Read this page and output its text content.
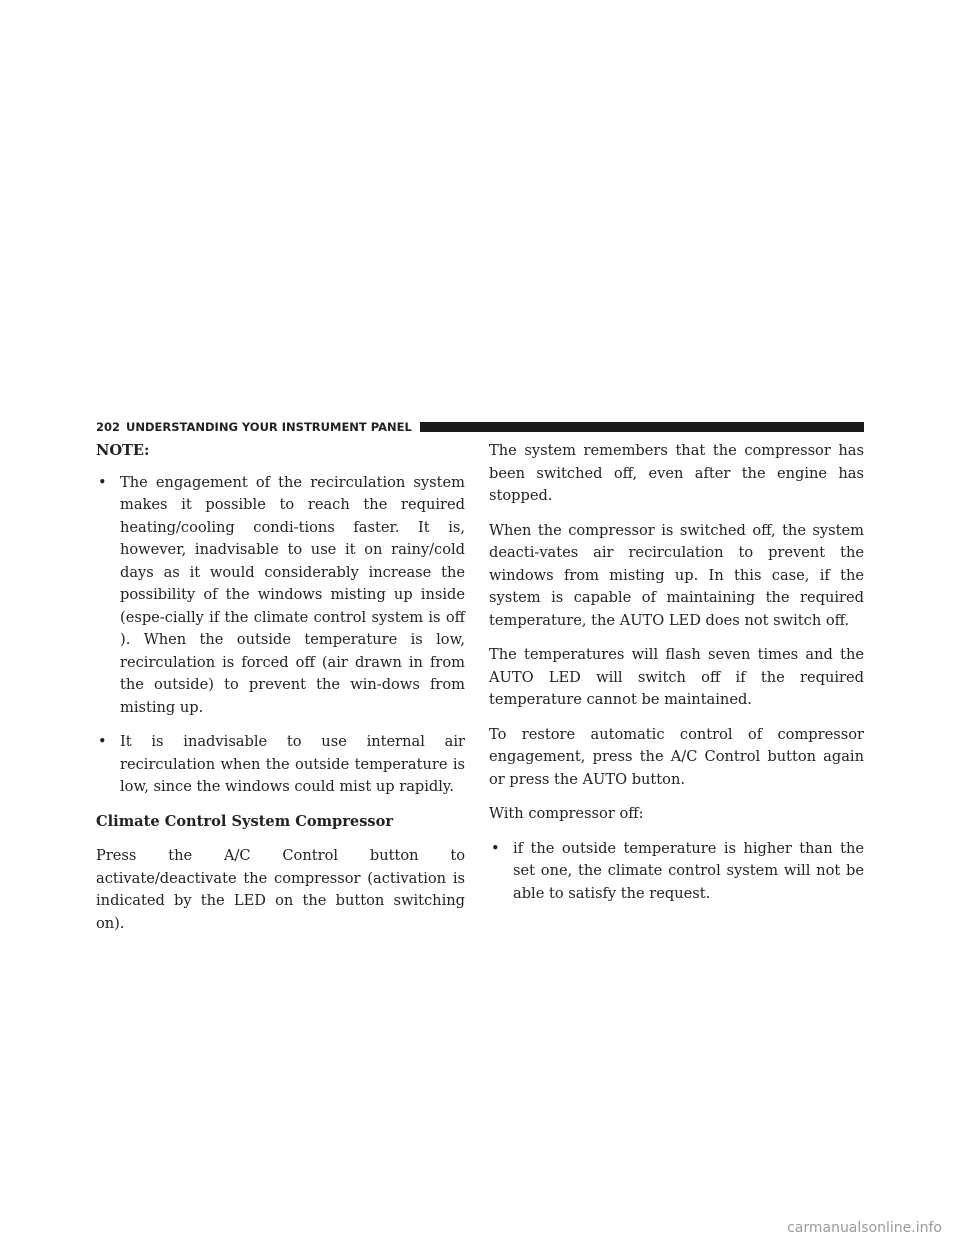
202 UNDERSTANDING YOUR INSTRUMENT PANEL

NOTE:

• The engagement of the recirculation system makes it possible to reach the required heating/cooling condi-tions faster. It is, however, inadvisable to use it on rainy/cold days as it would considerably increase the possibility of the windows misting up inside (espe-cially if the climate control system is off ). When the outside temperature is low, recirculation is forced off (air drawn in from the outside) to prevent the win-dows from misting up.
• It is inadvisable to use internal air recirculation when the outside temperature is low, since the windows could mist up rapidly.

Climate Control System Compressor

Press the A/C Control button to activate/deactivate the compressor (activation is indicated by the LED on the button switching on).

The system remembers that the compressor has been switched off, even after the engine has stopped.

When the compressor is switched off, the system deacti-vates air recirculation to prevent the windows from misting up. In this case, if the system is capable of maintaining the required temperature, the AUTO LED does not switch off.

The temperatures will flash seven times and the AUTO LED will switch off if the required temperature cannot be maintained.

To restore automatic control of compressor engagement, press the A/C Control button again or press the AUTO button.

With compressor off:

• if the outside temperature is higher than the set one, the climate control system will not be able to satisfy the request.
carmanualsonline.info
